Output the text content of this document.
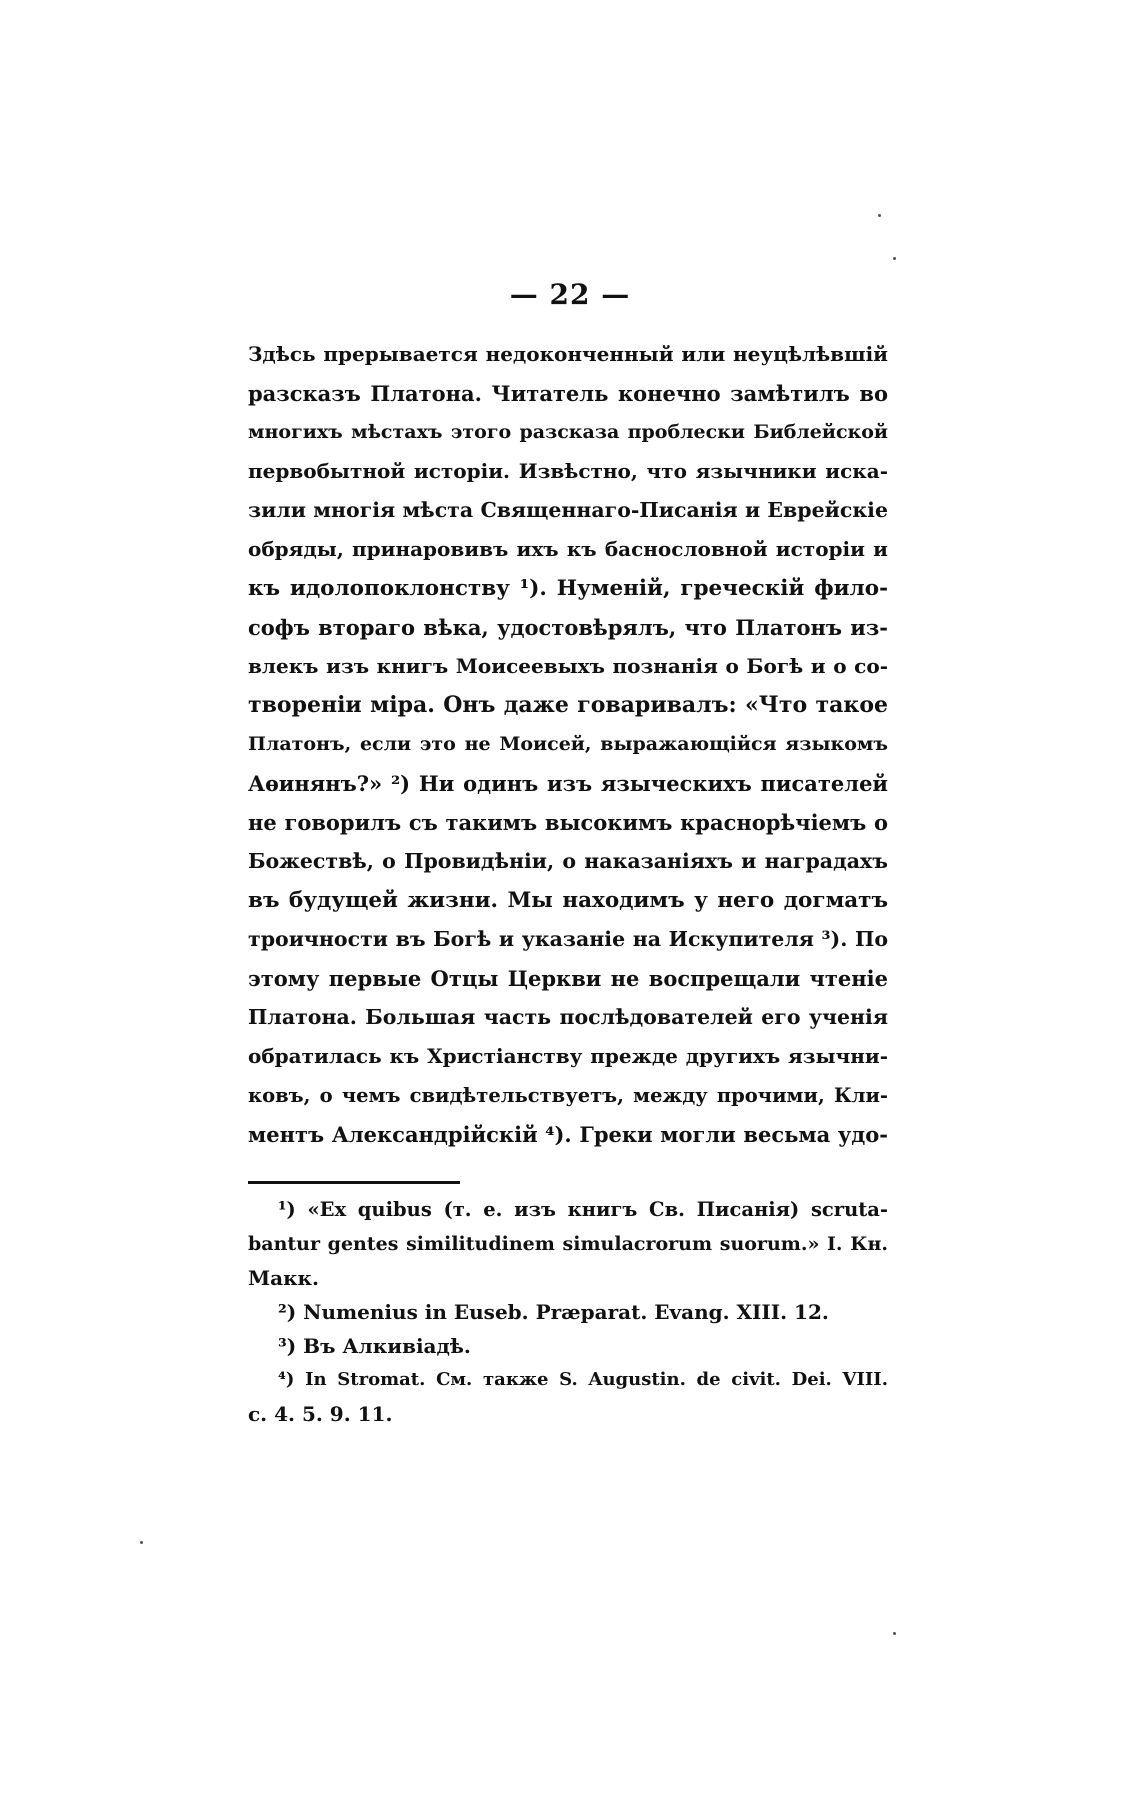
— 22 —
Здѣсь прерывается недоконченный или неуцѣлѣвшій
разсказъ Платона. Читатель конечно замѣтилъ во
многихъ мѣстахъ этого разсказа проблески Библейской
первобытной исторіи. Извѣстно, что язычники иска-
зили многія мѣста Священнаго-Писанія и Еврейскіе
обряды, принаровивъ ихъ къ баснословной исторіи и
къ идолопоклонству ¹). Нуменій, греческій фило-
софъ втораго вѣка, удостовѣрялъ, что Платонъ из-
влекъ изъ книгъ Моисеевыхъ познанія о Богѣ и о со-
твореніи міра. Онъ даже говаривалъ: «Что такое
Платонъ, если это не Моисей, выражающійся языкомъ
Аѳинянъ?» ²) Ни одинъ изъ языческихъ писателей
не говорилъ съ такимъ высокимъ краснорѣчіемъ о
Божествѣ, о Провидѣніи, о наказаніяхъ и наградахъ
въ будущей жизни. Мы находимъ у него догматъ
троичности въ Богѣ и указаніе на Искупителя ³). По
этому первые Отцы Церкви не воспрещали чтеніе
Платона. Большая часть послѣдователей его ученія
обратилась къ Христіанству прежде другихъ язычни-
ковъ, о чемъ свидѣтельствуетъ, между прочими, Кли-
ментъ Александрійскій ⁴). Греки могли весьма удо-
¹) «Ex quibus (т. е. изъ книгъ Св. Писанія) scruta-
bantur gentes similitudinem simulacrorum suorum.» I. Кн.
Макк.
²) Numenius in Euseb. Præparat. Evang. XIII. 12.
³) Въ Алкивіадѣ.
⁴) In Stromat. См. также S. Augustin. de civit. Dei. VIII.
c. 4. 5. 9. 11.
